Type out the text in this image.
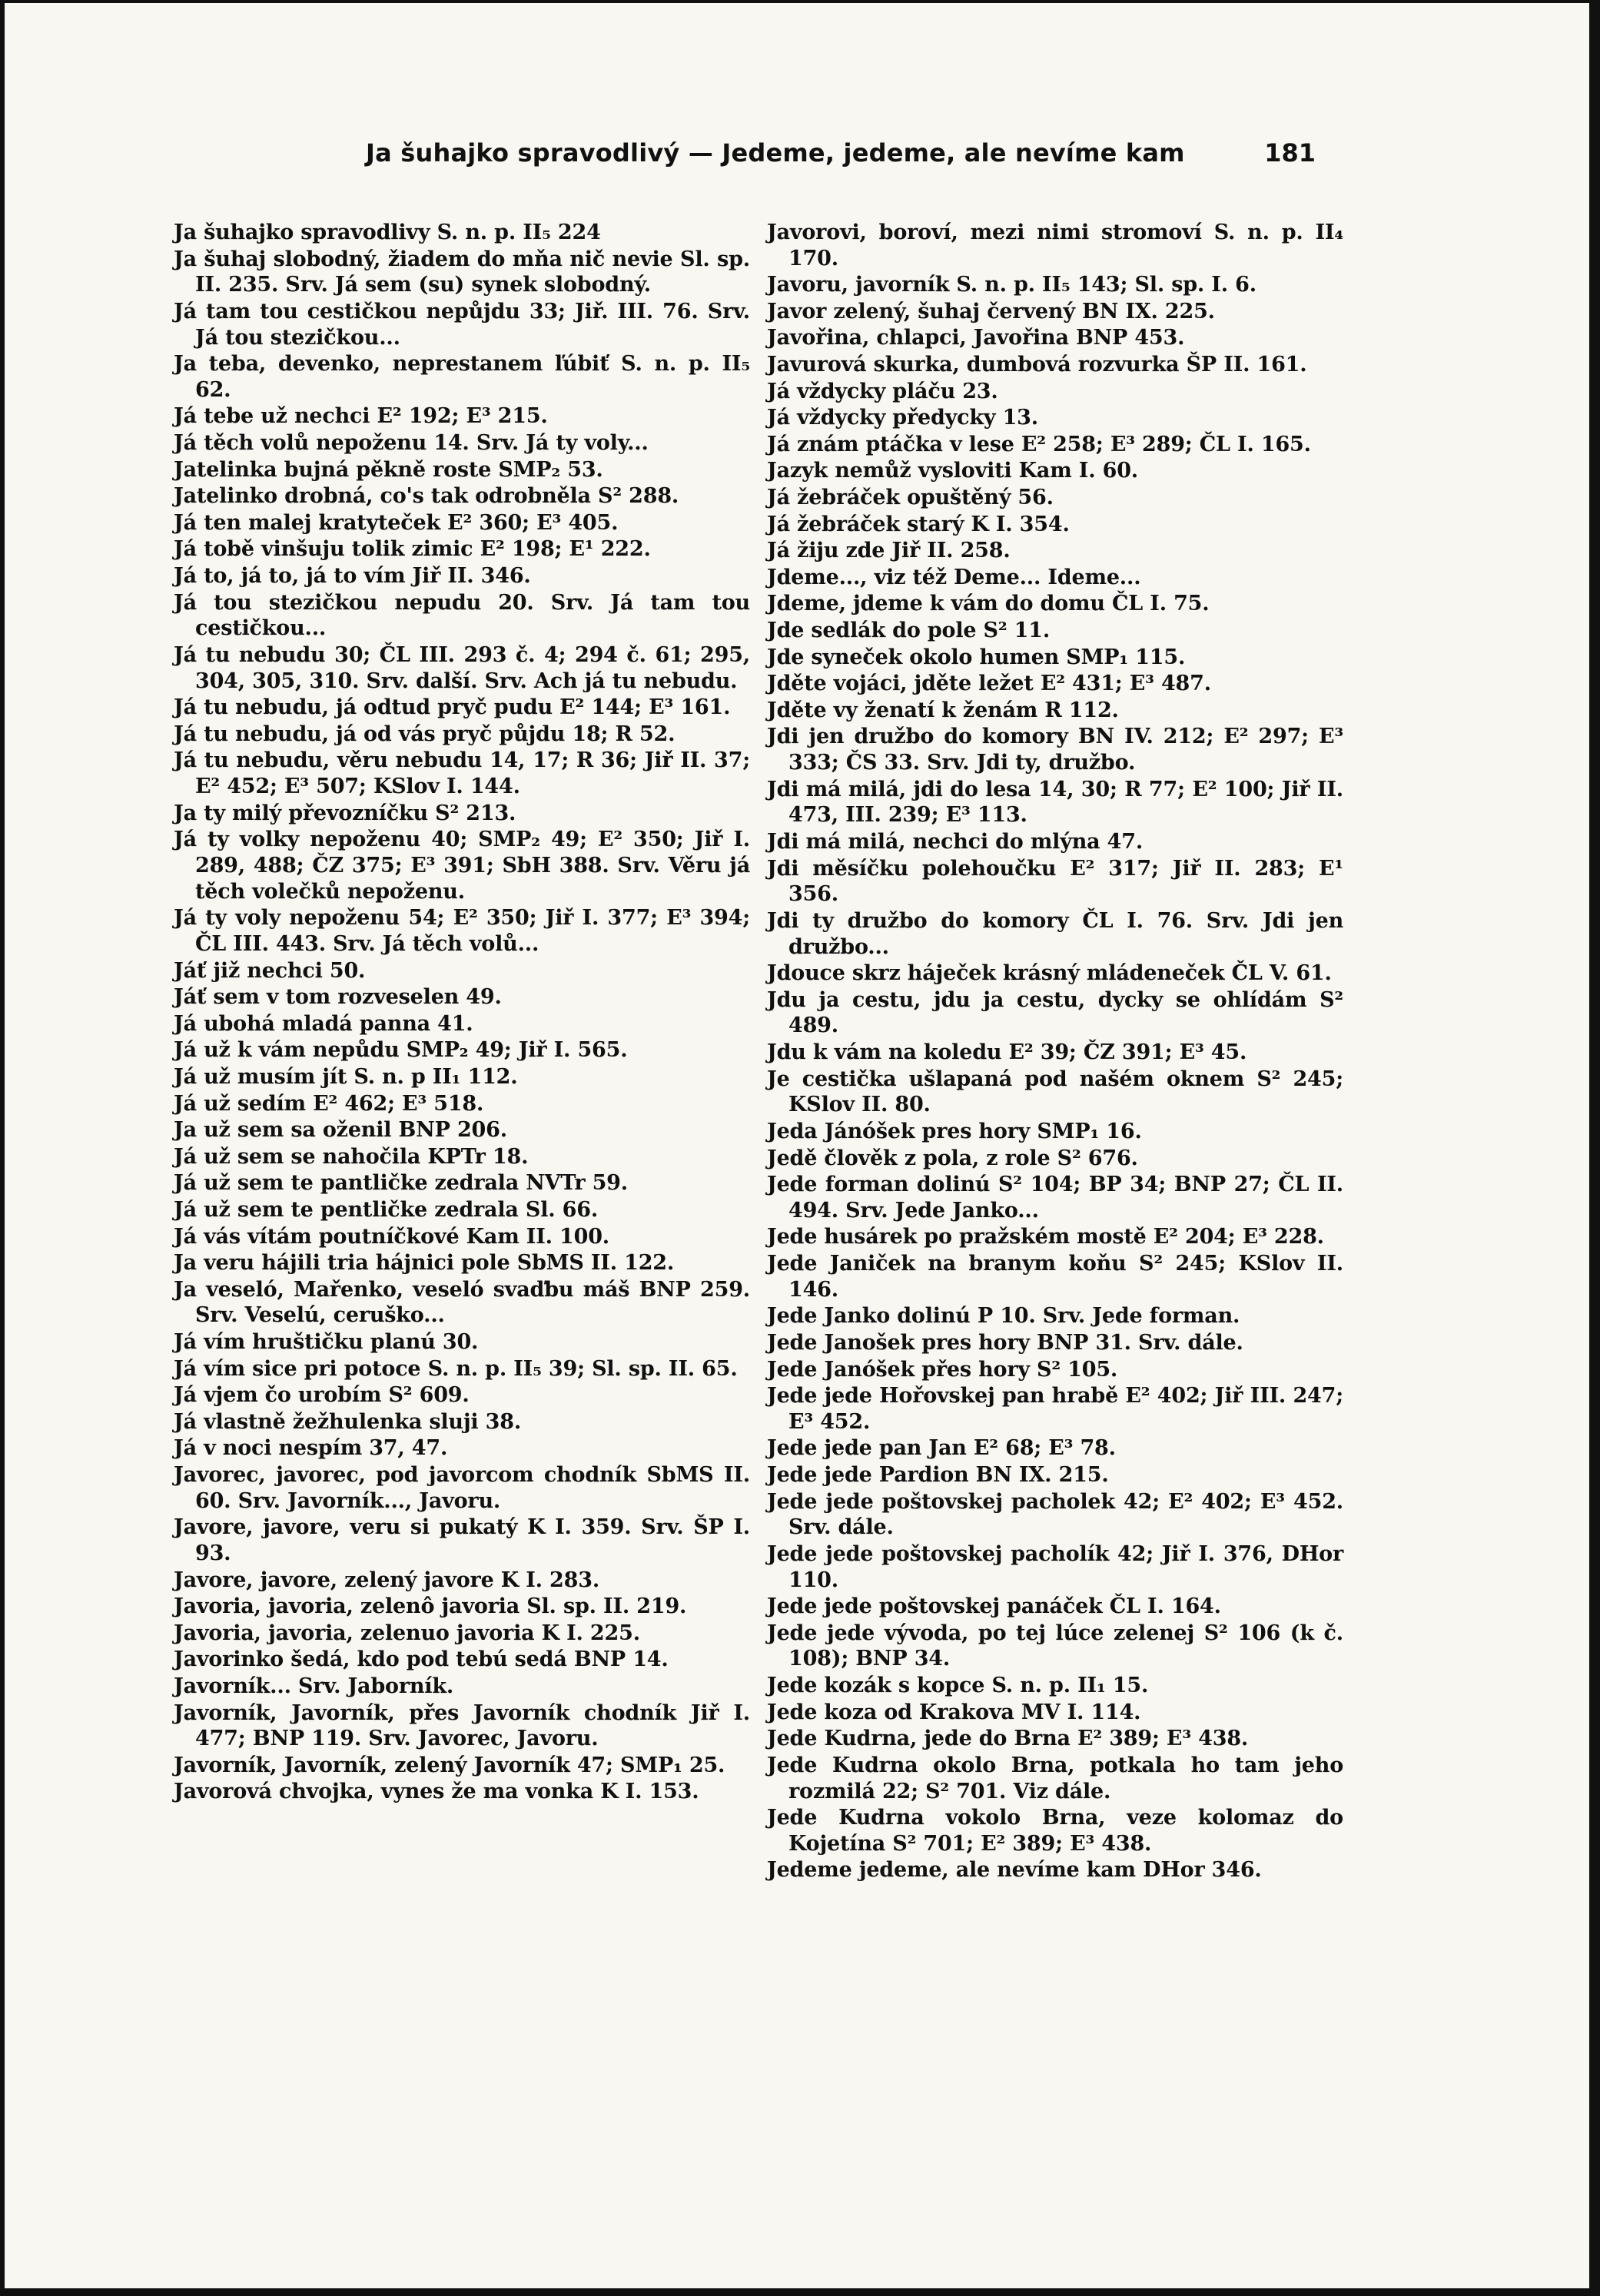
Ja šuhajko spravodlivý — Jedeme, jedeme, ale nevíme kam	181

Ja šuhajko spravodlivy S. n. p. II₅ 224

Ja šuhaj slobodný, žiadem do mňa nič nevie Sl. sp. II. 235. Srv. Já sem (su) synek slobodný.

Já tam tou cestičkou nepůjdu 33; Jiř. III. 76. Srv. Já tou stezičkou...

Ja teba, devenko, neprestanem ľúbiť S. n. p. II₅ 62.

Já tebe už nechci E² 192; E³ 215.

Já těch volů nepoženu 14. Srv. Já ty voly...

Jatelinka bujná pěkně roste SMP₂ 53.

Jatelinko drobná, co's tak odrobněla S² 288.

Já ten malej kratyteček E² 360; E³ 405.

Já tobě vinšuju tolik zimic E² 198; E¹ 222.

Já to, já to, já to vím Jiř II. 346.

Já tou stezičkou nepudu 20. Srv. Já tam tou cestičkou...

Já tu nebudu 30; ČL III. 293 č. 4; 294 č. 61; 295, 304, 305, 310. Srv. další. Srv. Ach já tu nebudu.

Já tu nebudu, já odtud pryč pudu E² 144; E³ 161.

Já tu nebudu, já od vás pryč půjdu 18; R 52.

Já tu nebudu, věru nebudu 14, 17; R 36; Jiř II. 37; E² 452; E³ 507; KSlov I. 144.

Ja ty milý převozníčku S² 213.

Já ty volky nepoženu 40; SMP₂ 49; E² 350; Jiř I. 289, 488; ČZ 375; E³ 391; SbH 388. Srv. Věru já těch volečků nepoženu.

Já ty voly nepoženu 54; E² 350; Jiř I. 377; E³ 394; ČL III. 443. Srv. Já těch volů...

Jáť již nechci 50.

Jáť sem v tom rozveselen 49.

Já ubohá mladá panna 41.

Já už k vám nepůdu SMP₂ 49; Jiř I. 565.

Já už musím jít S. n. p II₁ 112.

Já už sedím E² 462; E³ 518.

Ja už sem sa oženil BNP 206.

Já už sem se nahočila KPTr 18.

Já už sem te pantličke zedrala NVTr 59.

Já už sem te pentličke zedrala Sl. 66.

Já vás vítám poutníčkové Kam II. 100.

Ja veru hájili tria hájnici pole SbMS II. 122.

Ja veseló, Mařenko, veseló svaďbu máš BNP 259. Srv. Veselú, ceruško...

Já vím hruštičku planú 30.

Já vím sice pri potoce S. n. p. II₅ 39; Sl. sp. II. 65.

Já vjem čo urobím S² 609.

Já vlastně žežhulenka sluji 38.

Já v noci nespím 37, 47.

Javorec, javorec, pod javorcom chodník SbMS II. 60. Srv. Javorník..., Javoru.

Javore, javore, veru si pukatý K I. 359. Srv. ŠP I. 93.

Javore, javore, zelený javore K I. 283.

Javoria, javoria, zelenô javoria Sl. sp. II. 219.

Javoria, javoria, zelenuo javoria K I. 225.

Javorinko šedá, kdo pod tebú sedá BNP 14.

Javorník... Srv. Jaborník.

Javorník, Javorník, přes Javorník chodník Jiř I. 477; BNP 119. Srv. Javorec, Javoru.

Javorník, Javorník, zelený Javorník 47; SMP₁ 25.

Javorová chvojka, vynes že ma vonka K I. 153.

Javorovi, boroví, mezi nimi stromoví S. n. p. II₄ 170.

Javoru, javorník S. n. p. II₅ 143; Sl. sp. I. 6.

Javor zelený, šuhaj červený BN IX. 225.

Javořina, chlapci, Javořina BNP 453.

Javurová skurka, dumbová rozvurka ŠP II. 161.

Já vždycky pláču 23.

Já vždycky předycky 13.

Já znám ptáčka v lese E² 258; E³ 289; ČL I. 165.

Jazyk nemůž vysloviti Kam I. 60.

Já žebráček opuštěný 56.

Já žebráček starý K I. 354.

Já žiju zde Jiř II. 258.

Jdeme..., viz též Deme... Ideme...

Jdeme, jdeme k vám do domu ČL I. 75.

Jde sedlák do pole S² 11.

Jde syneček okolo humen SMP₁ 115.

Jděte vojáci, jděte ležet E² 431; E³ 487.

Jděte vy ženatí k ženám R 112.

Jdi jen družbo do komory BN IV. 212; E² 297; E³ 333; ČS 33. Srv. Jdi ty, družbo.

Jdi má milá, jdi do lesa 14, 30; R 77; E² 100; Jiř II. 473, III. 239; E³ 113.

Jdi má milá, nechci do mlýna 47.

Jdi měsíčku polehoučku E² 317; Jiř II. 283; E¹ 356.

Jdi ty družbo do komory ČL I. 76. Srv. Jdi jen družbo...

Jdouce skrz háječek krásný mládeneček ČL V. 61.

Jdu ja cestu, jdu ja cestu, dycky se ohlídám S² 489.

Jdu k vám na koledu E² 39; ČZ 391; E³ 45.

Je cestička ušlapaná pod našém oknem S² 245; KSlov II. 80.

Jeda Jánóšek pres hory SMP₁ 16.

Jedě člověk z pola, z role S² 676.

Jede forman dolinú S² 104; BP 34; BNP 27; ČL II. 494. Srv. Jede Janko...

Jede husárek po pražském mostě E² 204; E³ 228.

Jede Janiček na branym koňu S² 245; KSlov II. 146.

Jede Janko dolinú P 10. Srv. Jede forman.

Jede Janošek pres hory BNP 31. Srv. dále.

Jede Janóšek přes hory S² 105.

Jede jede Hořovskej pan hrabě E² 402; Jiř III. 247; E³ 452.

Jede jede pan Jan E² 68; E³ 78.

Jede jede Pardion BN IX. 215.

Jede jede poštovskej pacholek 42; E² 402; E³ 452. Srv. dále.

Jede jede poštovskej pacholík 42; Jiř I. 376, DHor 110.

Jede jede poštovskej panáček ČL I. 164.

Jede jede vývoda, po tej lúce zelenej S² 106 (k č. 108); BNP 34.

Jede kozák s kopce S. n. p. II₁ 15.

Jede koza od Krakova MV I. 114.

Jede Kudrna, jede do Brna E² 389; E³ 438.

Jede Kudrna okolo Brna, potkala ho tam jeho rozmilá 22; S² 701. Viz dále.

Jede Kudrna vokolo Brna, veze kolomaz do Kojetína S² 701; E² 389; E³ 438.

Jedeme jedeme, ale nevíme kam DHor 346.
